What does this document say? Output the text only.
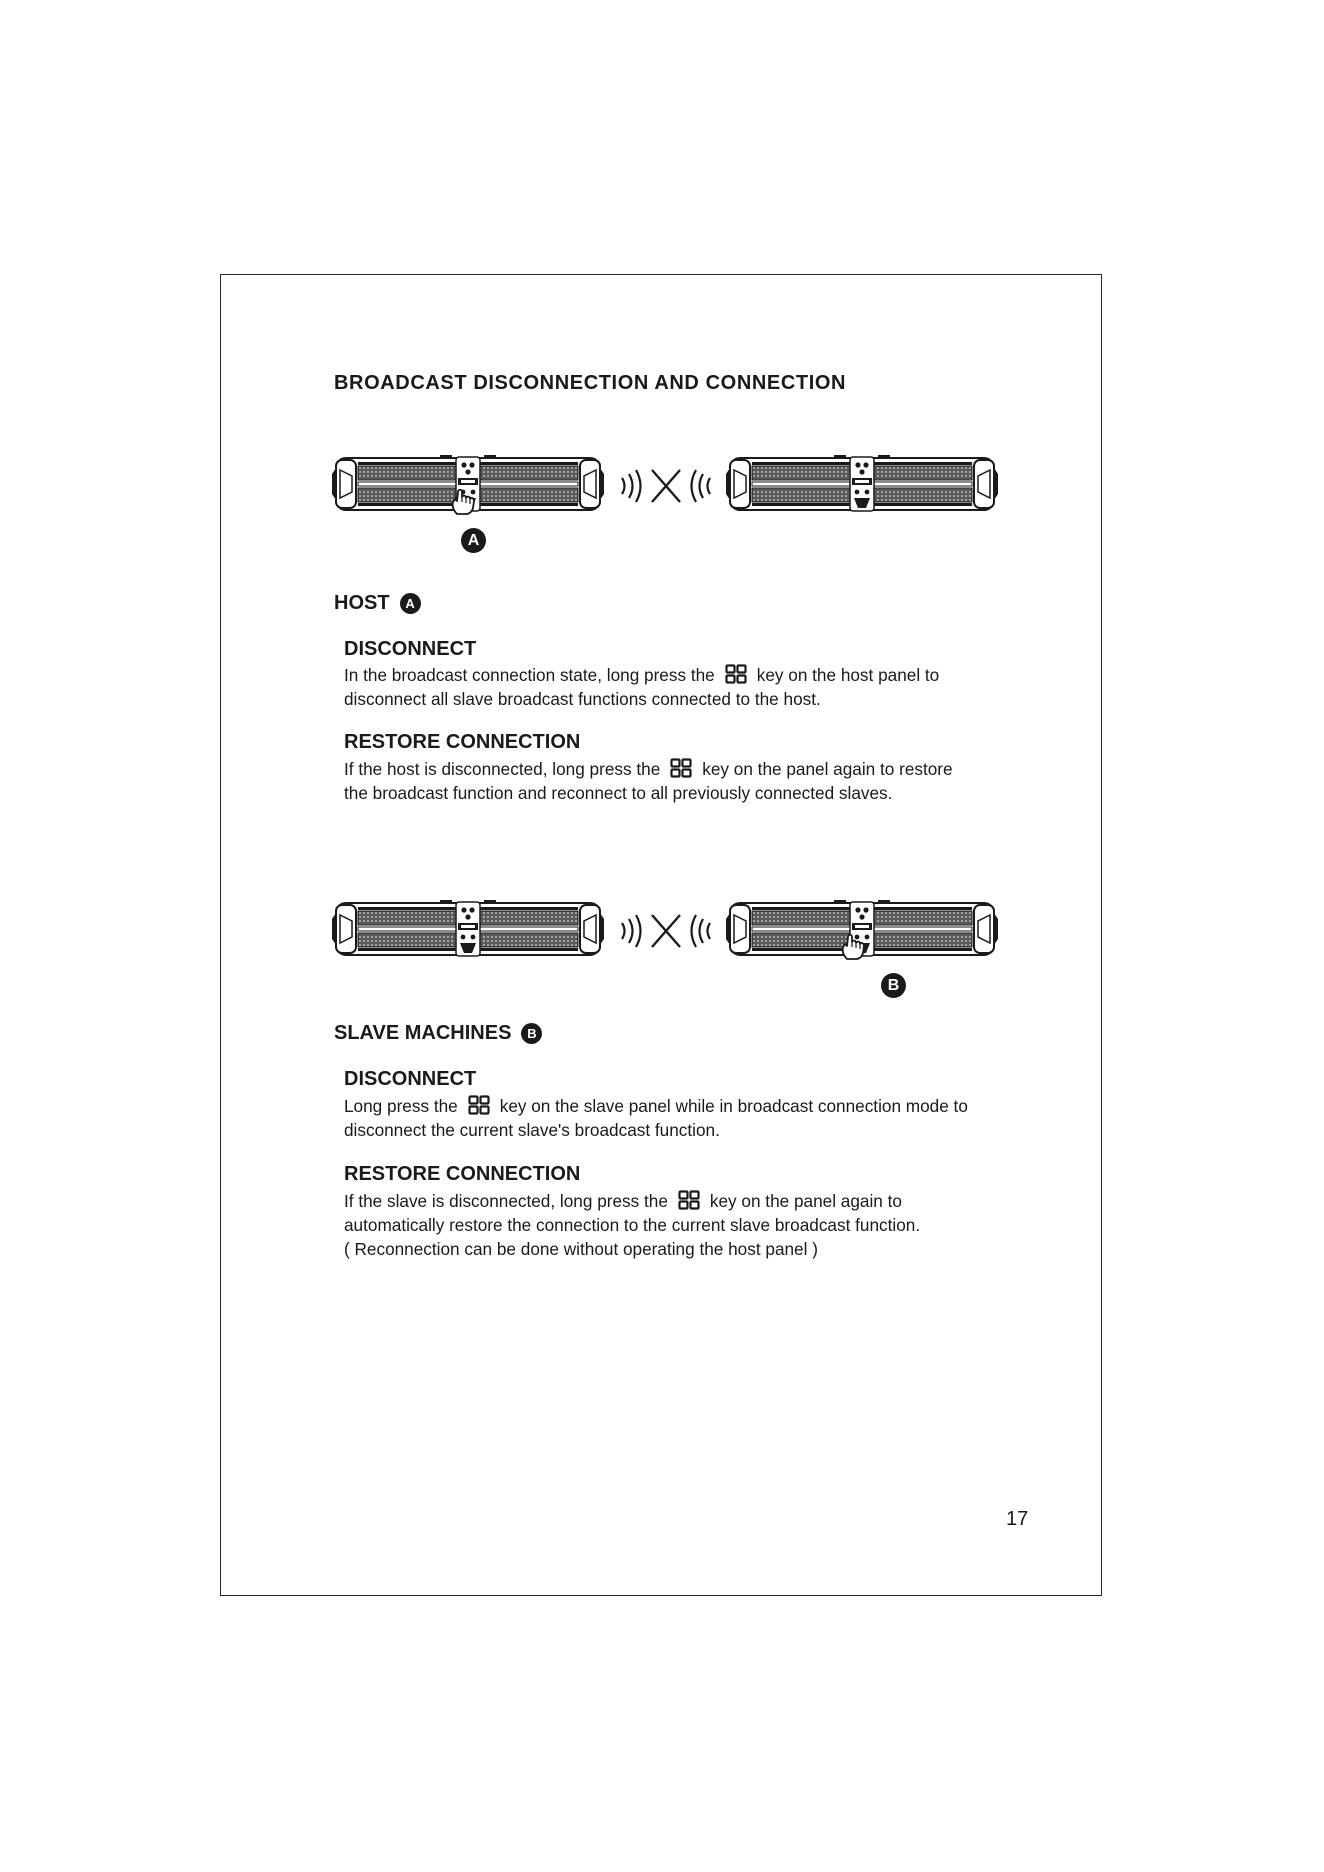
BROADCAST DISCONNECTION AND CONNECTION
A
HOST	A
DISCONNECT
In the broadcast connection state, long press the key on the host panel to
disconnect all slave broadcast functions connected to the host.
RESTORE CONNECTION
If the host is disconnected, long press the key on the panel again to restore
the broadcast function and reconnect to all previously connected slaves.
B
SLAVE MACHINES	B
DISCONNECT
Long press the key on the slave panel while in broadcast connection mode to
disconnect the current slave's broadcast function.
RESTORE CONNECTION
If the slave is disconnected, long press the key on the panel again to
automatically restore the connection to the current slave broadcast function.
( Reconnection can be done without operating the host panel )
17
